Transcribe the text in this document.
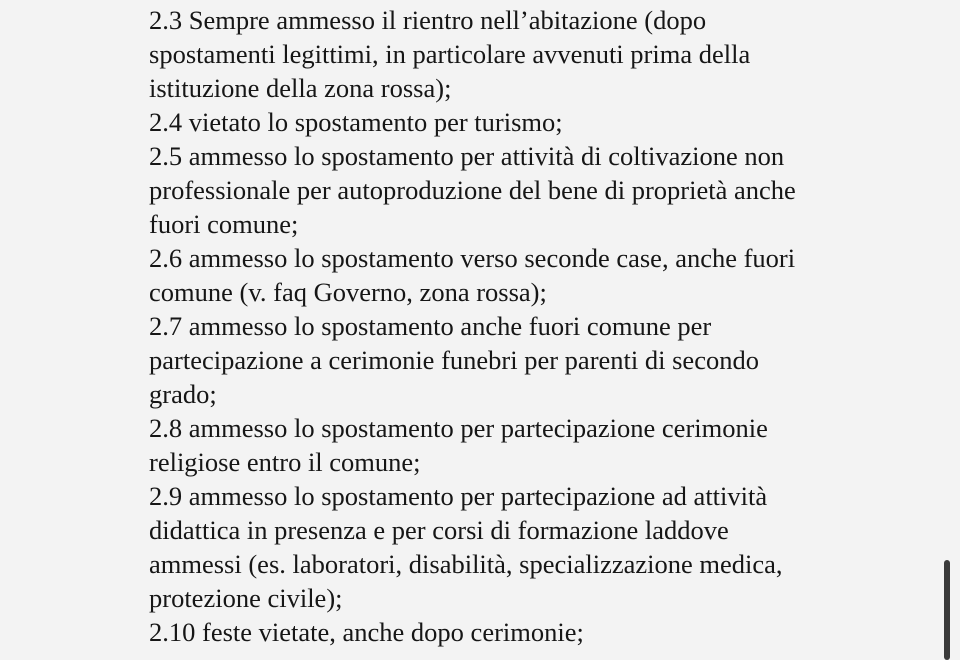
2.3 Sempre ammesso il rientro nell’abitazione (dopo
spostamenti legittimi, in particolare avvenuti prima della
istituzione della zona rossa);
2.4 vietato lo spostamento per turismo;
2.5 ammesso lo spostamento per attività di coltivazione non
professionale per autoproduzione del bene di proprietà anche
fuori comune;
2.6 ammesso lo spostamento verso seconde case, anche fuori
comune (v. faq Governo, zona rossa);
2.7 ammesso lo spostamento anche fuori comune per
partecipazione a cerimonie funebri per parenti di secondo
grado;
2.8 ammesso lo spostamento per partecipazione cerimonie
religiose entro il comune;
2.9 ammesso lo spostamento per partecipazione ad attività
didattica in presenza e per corsi di formazione laddove
ammessi (es. laboratori, disabilità, specializzazione medica,
protezione civile);
2.10 feste vietate, anche dopo cerimonie;
